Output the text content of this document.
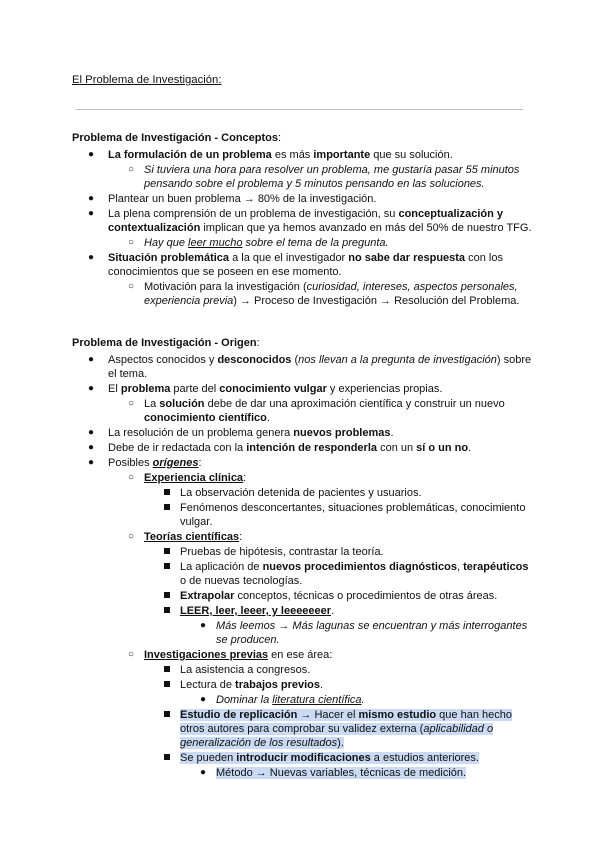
El Problema de Investigación:
Problema de Investigación - Conceptos:
● La formulación de un problema es más importante que su solución.
○ Si tuviera una hora para resolver un problema, me gustaría pasar 55 minutos pensando sobre el problema y 5 minutos pensando en las soluciones.
● Plantear un buen problema → 80% de la investigación.
● La plena comprensión de un problema de investigación, su conceptualización y contextualización implican que ya hemos avanzado en más del 50% de nuestro TFG.
○ Hay que leer mucho sobre el tema de la pregunta.
● Situación problemática a la que el investigador no sabe dar respuesta con los conocimientos que se poseen en ese momento.
○ Motivación para la investigación (curiosidad, intereses, aspectos personales, experiencia previa) → Proceso de Investigación → Resolución del Problema.
Problema de Investigación - Origen:
● Aspectos conocidos y desconocidos (nos llevan a la pregunta de investigación) sobre el tema.
● El problema parte del conocimiento vulgar y experiencias propias.
○ La solución debe de dar una aproximación científica y construir un nuevo conocimiento científico.
● La resolución de un problema genera nuevos problemas.
● Debe de ir redactada con la intención de responderla con un sí o un no.
● Posibles orígenes:
○ Experiencia clínica:
La observación detenida de pacientes y usuarios.
Fenómenos desconcertantes, situaciones problemáticas, conocimiento vulgar.
○ Teorías científicas:
Pruebas de hipótesis, contrastar la teoría.
La aplicación de nuevos procedimientos diagnósticos, terapéuticos o de nuevas tecnologías.
Extrapolar conceptos, técnicas o procedimientos de otras áreas.
LEER, leer, leeer, y leeeeeeer.
● Más leemos → Más lagunas se encuentran y más interrogantes se producen.
○ Investigaciones previas en ese área:
La asistencia a congresos.
Lectura de trabajos previos.
● Dominar la literatura científica.
Estudio de replicación → Hacer el mismo estudio que han hecho otros autores para comprobar su validez externa (aplicabilidad o generalización de los resultados).
Se pueden introducir modificaciones a estudios anteriores.
● Método → Nuevas variables, técnicas de medición.
